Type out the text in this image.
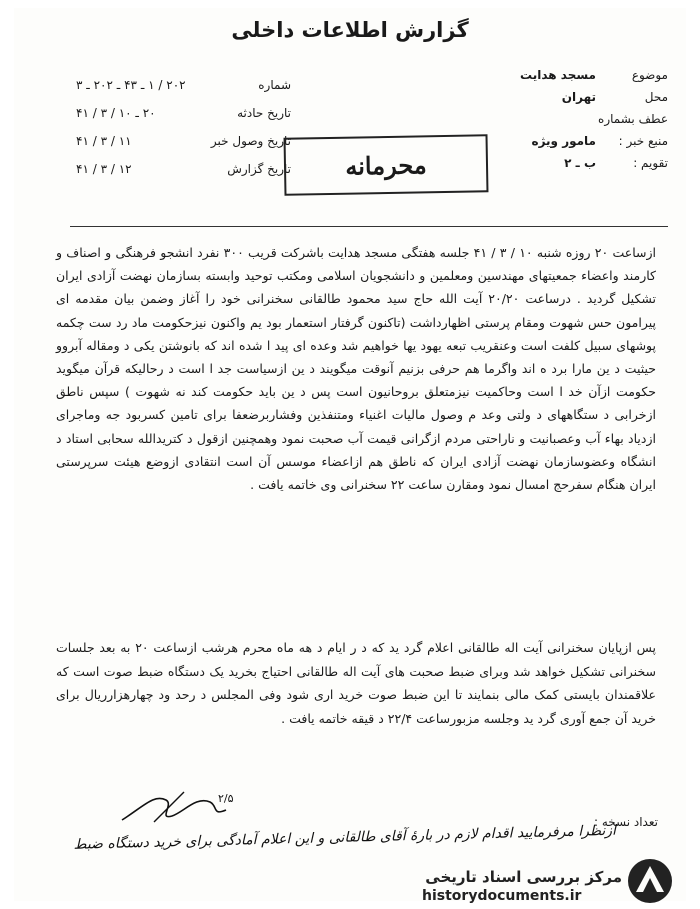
گزارش اطلاعات داخلی
موضوع
مسجد هدایت
محل
تهران
عطف بشماره
منبع خبر :
مامور ویژه
تقویم :
ب ـ ۲
شماره
۲۰۲ / ۱ ـ ۴۳ ـ ۲۰۲ ـ ۳
تاریخ حادثه
۲۰ ـ ۱۰ / ۳ / ۴۱
تاریخ وصول خبر
۱۱ / ۳ / ۴۱
تاریخ گزارش
۱۲ / ۳ / ۴۱	محرمانه

ازساعت ۲۰ روزه شنبه ۱۰ / ۳ / ۴۱ جلسه هفتگی مسجد هدایت باشرکت قریب ۳۰۰ نفرد انشجو فرهنگی و اصناف و کارمند واعضاء جمعیتهای مهندسین ومعلمین و دانشجویان اسلامی ومکتب توحید وابسته بسازمان نهضت آزادی ایران تشکیل گردید . درساعت ۲۰/۲۰ آیت الله حاج سید محمود طالقانی سخنرانی خود را آغاز وضمن بیان مقدمه ای پیرامون حس شهوت ومقام پرستی اظهارداشت (تاکنون گرفتار استعمار بود یم واکنون نیزحکومت ماد رد ست چکمه پوشهای سبیل کلفت است وعنقریب تبعه یهود یها خواهیم شد وعده ای پید ا شده اند که بانوشتن یکی د ومقاله آبروو حیثیت د ین مارا برد ه اند واگرما هم حرفی بزنیم آنوقت میگویند د ین ازسیاست جد ا است د رحالیکه قرآن میگوید حکومت ازآن خد ا است وحاکمیت نیزمتعلق بروحانیون است پس د ین باید حکومت کند نه شهوت ) سپس ناطق ازخرابی د ستگاههای د ولتی وعد م وصول مالیات اغنیاء ومتنفذین وفشاربرضعفا برای تامین کسربود جه وماجرای ازدیاد بهاء آب وعصبانیت و ناراحتی مردم ازگرانی قیمت آب صحبت نمود وهمچنین ازقول د کتریدالله سحابی استاد د انشگاه وعضوسازمان نهضت آزادی ایران که ناطق هم ازاعضاء موسس آن است انتقادی ازوضع هیئت سرپرستی ایران هنگام سفرحج امسال نمود ومقارن ساعت ۲۲ سخنرانی وی خاتمه یافت .

پس ازپایان سخنرانی آیت اله طالقانی اعلام گرد ید که د ر ایام د هه ماه محرم هرشب ازساعت ۲۰ به بعد جلسات سخنرانی تشکیل خواهد شد وبرای ضبط صحبت های آیت اله طالقانی احتیاج بخرید یک دستگاه ضبط صوت است که علاقمندان بایستی کمک مالی بنمایند تا این ضبط صوت خرید اری شود وفی المجلس د رحد ود چهارهزارریال برای خرید آن جمع آوری گرد ید وجلسه مزبورساعت ۲۲/۴ د قیقه خاتمه یافت .

۲/۵
تعداد نسخه :
ازنظرا مرفرمایید اقدام لازم در بارۀ آقای طالقانی و این اعلام آمادگی برای خرید دستگاه ضبط
مرکز بررسی اسناد تاریخی
historydocuments.ir
